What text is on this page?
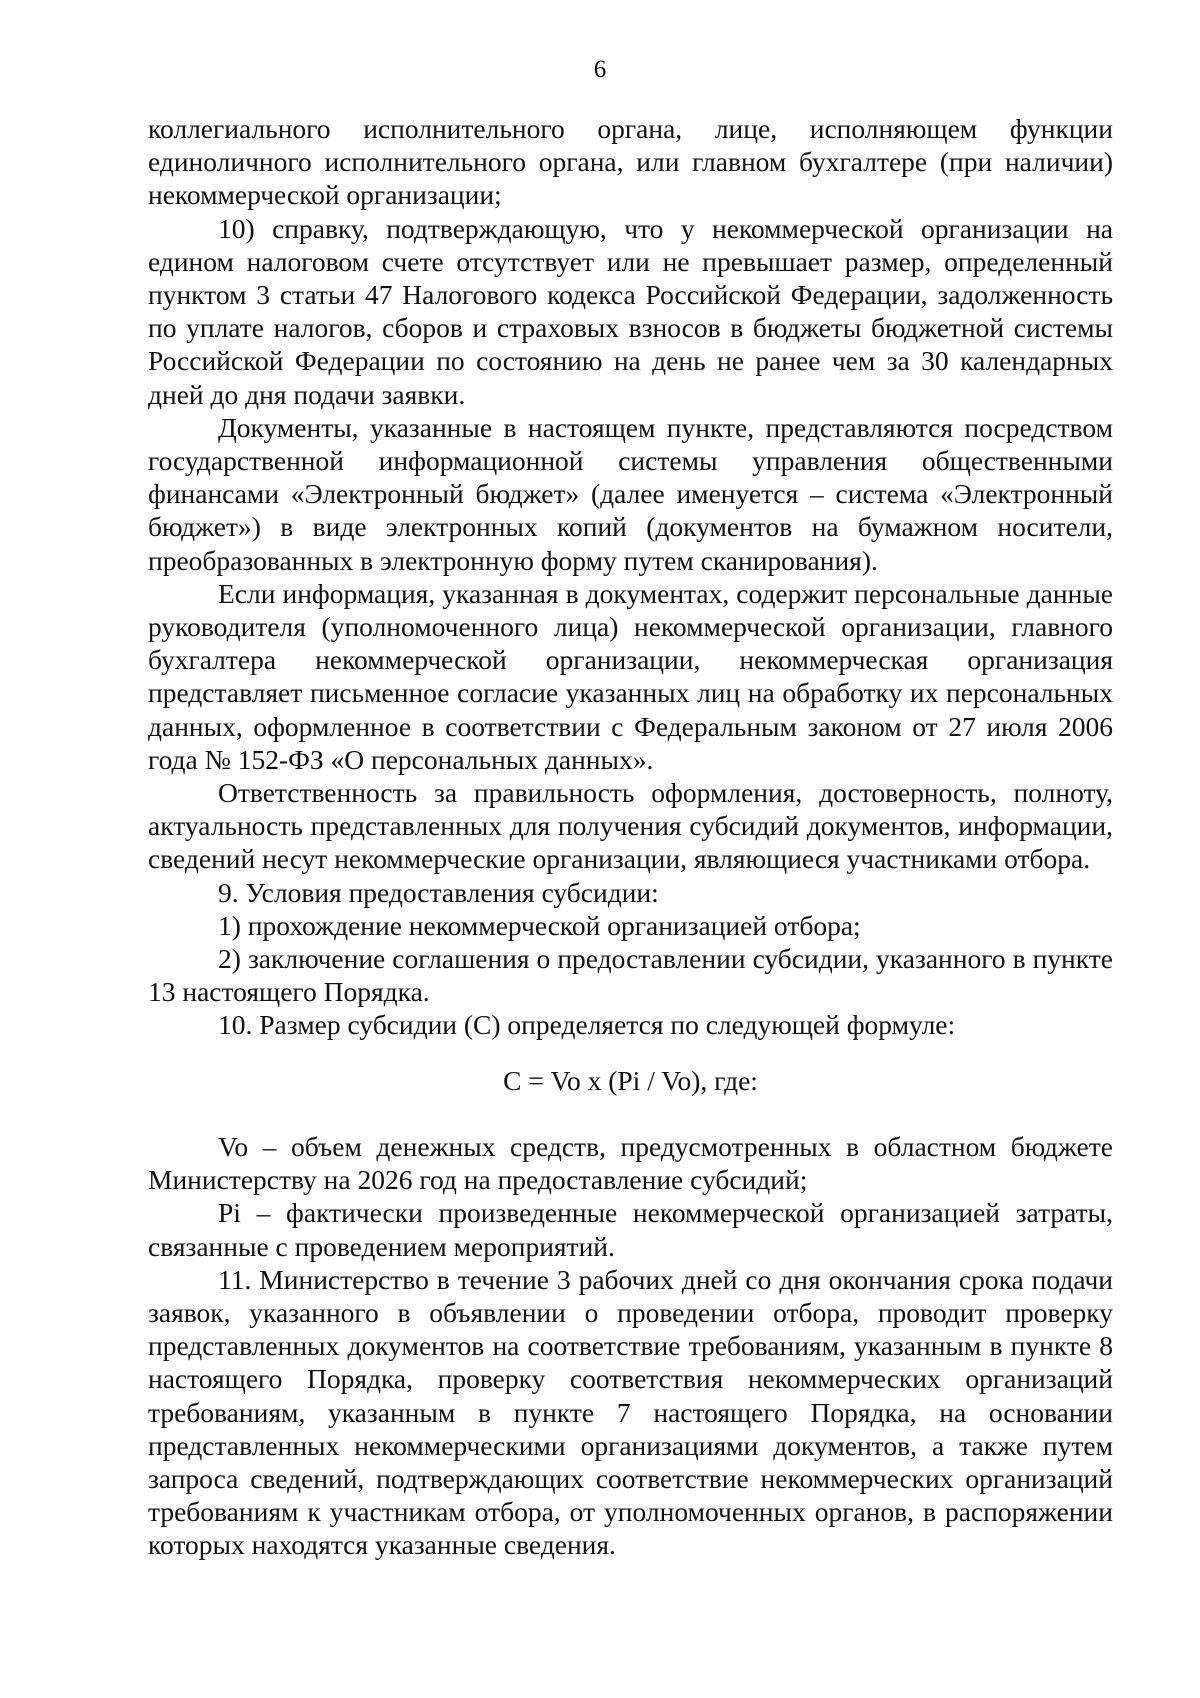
6

коллегиального исполнительного органа, лице, исполняющем функции единоличного исполнительного органа, или главном бухгалтере (при наличии) некоммерческой организации;

10) справку, подтверждающую, что у некоммерческой организации на едином налоговом счете отсутствует или не превышает размер, определенный пунктом 3 статьи 47 Налогового кодекса Российской Федерации, задолженность по уплате налогов, сборов и страховых взносов в бюджеты бюджетной системы Российской Федерации по состоянию на день не ранее чем за 30 календарных дней до дня подачи заявки.

Документы, указанные в настоящем пункте, представляются посредством государственной информационной системы управления общественными финансами «Электронный бюджет» (далее именуется – система «Электронный бюджет») в виде электронных копий (документов на бумажном носители, преобразованных в электронную форму путем сканирования).

Если информация, указанная в документах, содержит персональные данные руководителя (уполномоченного лица) некоммерческой организации, главного бухгалтера некоммерческой организации, некоммерческая организация представляет письменное согласие указанных лиц на обработку их персональных данных, оформленное в соответствии с Федеральным законом от 27 июля 2006 года № 152-ФЗ «О персональных данных».

Ответственность за правильность оформления, достоверность, полноту, актуальность представленных для получения субсидий документов, информации, сведений несут некоммерческие организации, являющиеся участниками отбора.

9. Условия предоставления субсидии:

1) прохождение некоммерческой организацией отбора;

2) заключение соглашения о предоставлении субсидии, указанного в пункте 13 настоящего Порядка.

10. Размер субсидии (С) определяется по следующей формуле:

С = Vo x (Pi / Vo), где:

Vo – объем денежных средств, предусмотренных в областном бюджете Министерству на 2026 год на предоставление субсидий;

Pi – фактически произведенные некоммерческой организацией затраты, связанные с проведением мероприятий.

11. Министерство в течение 3 рабочих дней со дня окончания срока подачи заявок, указанного в объявлении о проведении отбора, проводит проверку представленных документов на соответствие требованиям, указанным в пункте 8 настоящего Порядка, проверку соответствия некоммерческих организаций требованиям, указанным в пункте 7 настоящего Порядка, на основании представленных некоммерческими организациями документов, а также путем запроса сведений, подтверждающих соответствие некоммерческих организаций требованиям к участникам отбора, от уполномоченных органов, в распоряжении которых находятся указанные сведения.
